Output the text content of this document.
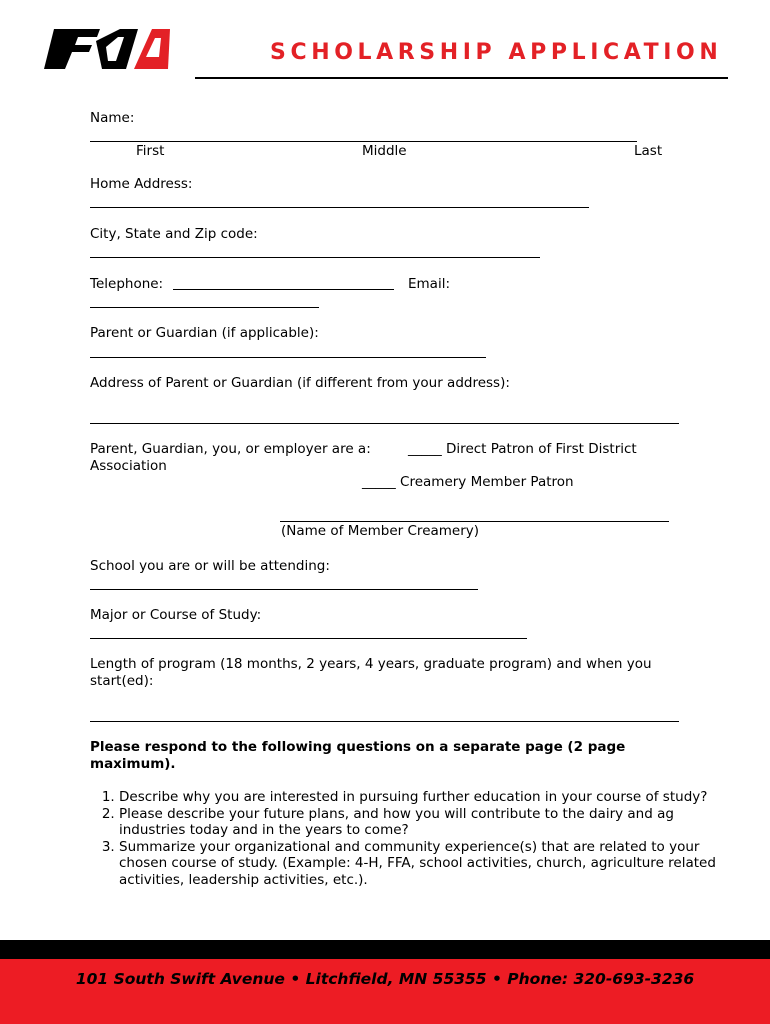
SCHOLARSHIP APPLICATION
Name:
First	Middle	Last
Home Address:
City, State and Zip code:
Telephone:	Email:
Parent or Guardian (if applicable):
Address of Parent or Guardian (if different from your address):
Parent, Guardian, you, or employer are a:
Association
_____ Direct Patron of First District
_____ Creamery Member Patron
(Name of Member Creamery)
School you are or will be attending:
Major or Course of Study:
Length of program (18 months, 2 years, 4 years, graduate program) and when you start(ed):
Please respond to the following questions on a separate page (2 page maximum).
1. Describe why you are interested in pursuing further education in your course of study?
2. Please describe your future plans, and how you will contribute to the dairy and ag industries today and in the years to come?
3. Summarize your organizational and community experience(s) that are related to your chosen course of study. (Example: 4-H, FFA, school activities, church, agriculture related activities, leadership activities, etc.).
101 South Swift Avenue • Litchfield, MN 55355 • Phone: 320-693-3236
